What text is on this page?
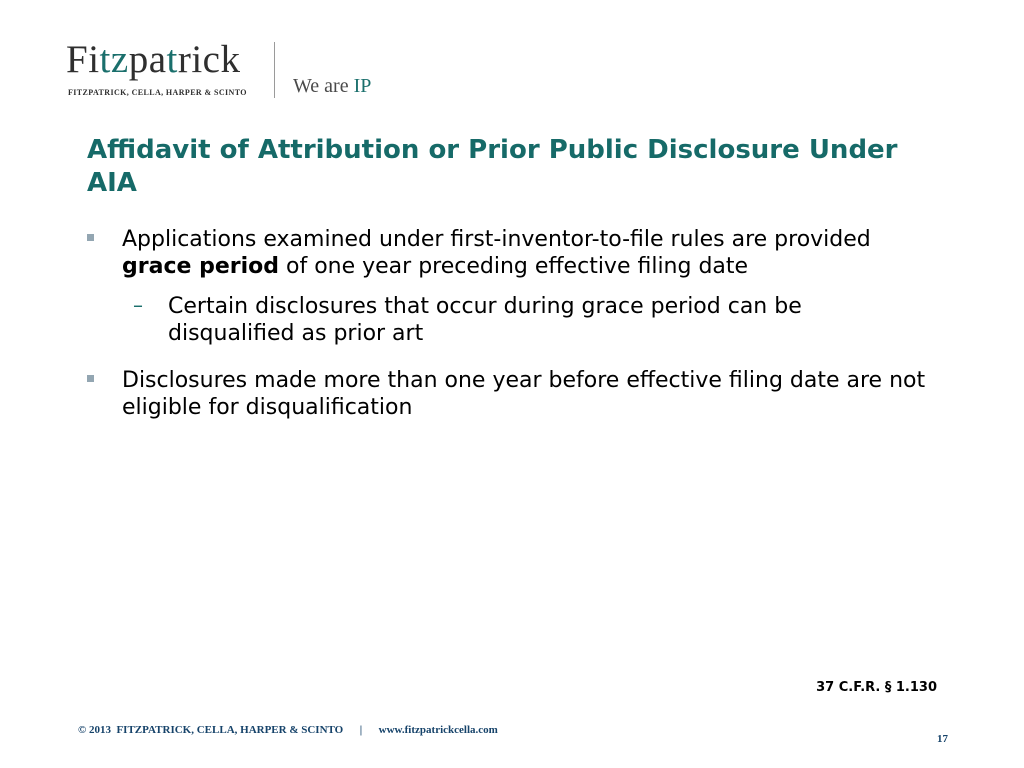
Fitzpatrick
FITZPATRICK, CELLA, HARPER & SCINTO We are IP
Affidavit of Attribution or Prior Public Disclosure Under AIA
Applications examined under first-inventor-to-file rules are provided grace period of one year preceding effective filing date
– Certain disclosures that occur during grace period can be disqualified as prior art
Disclosures made more than one year before effective filing date are not eligible for disqualification
37 C.F.R. § 1.130
© 2013  FITZPATRICK, CELLA, HARPER & SCINTO | www.fitzpatrickcella.com
17
